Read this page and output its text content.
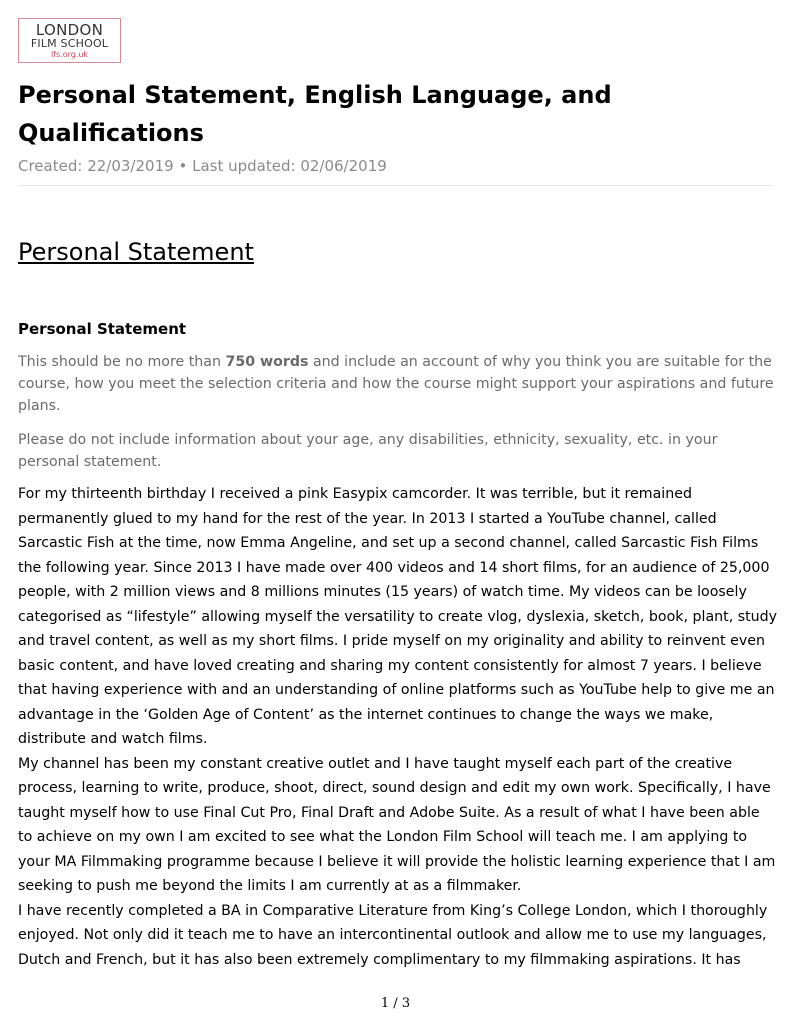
LONDON
FILM SCHOOL
lfs.org.uk
Personal Statement, English Language, and Qualifications
Created: 22/03/2019 • Last updated: 02/06/2019
Personal Statement
Personal Statement

This should be no more than 750 words and include an account of why you think you are suitable for the course, how you meet the selection criteria and how the course might support your aspirations and future plans.

Please do not include information about your age, any disabilities, ethnicity, sexuality, etc. in your personal statement.

For my thirteenth birthday I received a pink Easypix camcorder. It was terrible, but it remained permanently glued to my hand for the rest of the year. In 2013 I started a YouTube channel, called Sarcastic Fish at the time, now Emma Angeline, and set up a second channel, called Sarcastic Fish Films the following year. Since 2013 I have made over 400 videos and 14 short films, for an audience of 25,000 people, with 2 million views and 8 millions minutes (15 years) of watch time. My videos can be loosely categorised as “lifestyle” allowing myself the versatility to create vlog, dyslexia, sketch, book, plant, study and travel content, as well as my short films. I pride myself on my originality and ability to reinvent even basic content, and have loved creating and sharing my content consistently for almost 7 years. I believe that having experience with and an understanding of online platforms such as YouTube help to give me an advantage in the ‘Golden Age of Content’ as the internet continues to change the ways we make, distribute and watch films.

My channel has been my constant creative outlet and I have taught myself each part of the creative process, learning to write, produce, shoot, direct, sound design and edit my own work. Specifically, I have taught myself how to use Final Cut Pro, Final Draft and Adobe Suite. As a result of what I have been able to achieve on my own I am excited to see what the London Film School will teach me. I am applying to your MA Filmmaking programme because I believe it will provide the holistic learning experience that I am seeking to push me beyond the limits I am currently at as a filmmaker.

I have recently completed a BA in Comparative Literature from King’s College London, which I thoroughly enjoyed. Not only did it teach me to have an intercontinental outlook and allow me to use my languages, Dutch and French, but it has also been extremely complimentary to my filmmaking aspirations. It has

1 / 3
